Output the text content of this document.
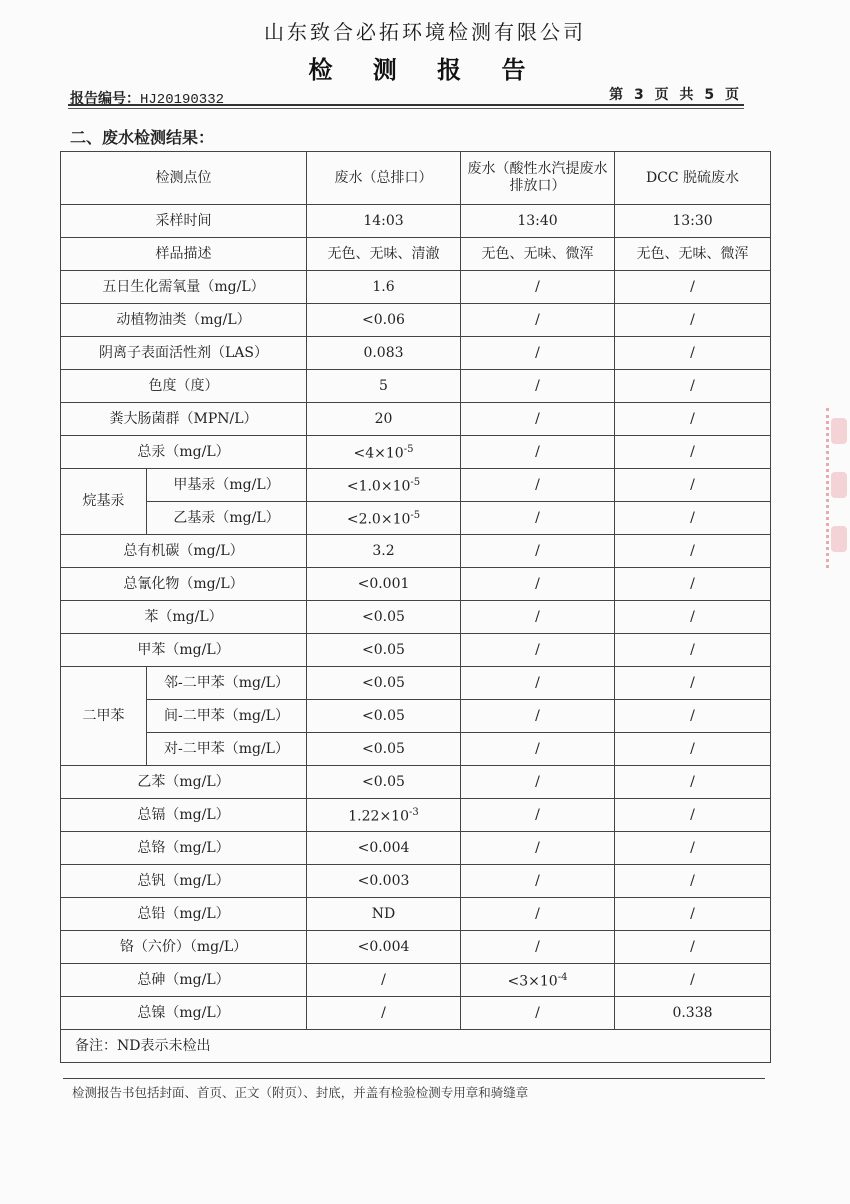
山东致合必拓环境检测有限公司
检 测 报 告
报告编号：HJ20190332	第 3 页 共 5 页
二、废水检测结果：
检测点位		废水（总排口）	废水（酸性水汽提废水排放口）	DCC 脱硫废水
采样时间		14:03	13:40	13:30
样品描述		无色、无味、清澈	无色、无味、微浑	无色、无味、微浑
五日生化需氧量（mg/L）		1.6	/	/
动植物油类（mg/L）		<0.06	/	/
阴离子表面活性剂（LAS）		0.083	/	/
色度（度）		5	/	/
粪大肠菌群（MPN/L）		20	/	/
总汞（mg/L）		$<4\times 10^{-5}$	/	/
烷基汞	甲基汞（mg/L）	$<1.0\times 10^{-5}$	/	/
	乙基汞（mg/L）	$<2.0\times 10^{-5}$	/	/
总有机碳（mg/L）		3.2	/	/
总氰化物（mg/L）		<0.001	/	/
苯（mg/L）		<0.05	/	/
甲苯（mg/L）		<0.05	/	/
二甲苯	邻-二甲苯（mg/L）	<0.05	/	/
	间-二甲苯（mg/L）	<0.05	/	/
	对-二甲苯（mg/L）	<0.05	/	/
乙苯（mg/L）		<0.05	/	/
总镉（mg/L）		$1.22\times 10^{-3}$	/	/
总铬（mg/L）		<0.004	/	/
总钒（mg/L）		<0.003	/	/
总铅（mg/L）		ND	/	/
铬（六价）（mg/L）		<0.004	/	/
总砷（mg/L）		/	$<3\times 10^{-4}$	/
总镍（mg/L）		/	/	0.338
备注：ND表示未检出				
检测报告书包括封面、首页、正文（附页）、封底，并盖有检验检测专用章和骑缝章
